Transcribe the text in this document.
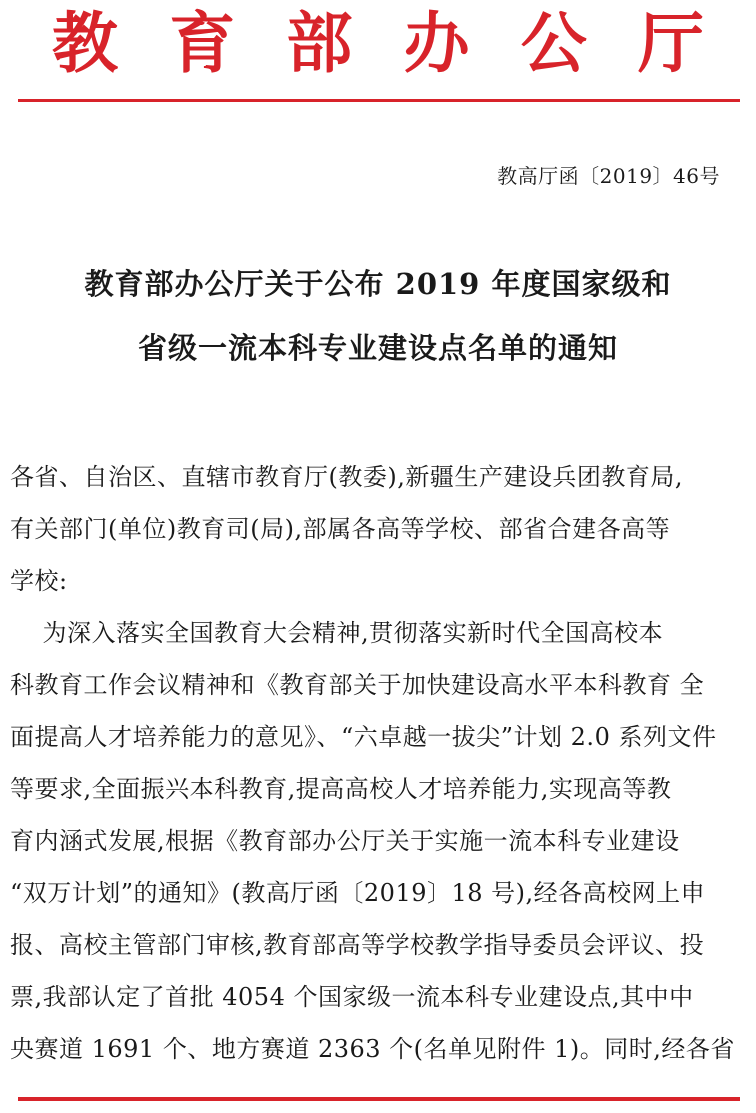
教 育 部 办 公 厅
教高厅函〔2019〕46号
教育部办公厅关于公布 2019 年度国家级和
省级一流本科专业建设点名单的通知
各省、自治区、直辖市教育厅(教委),新疆生产建设兵团教育局,
有关部门(单位)教育司(局),部属各高等学校、部省合建各高等
学校:
为深入落实全国教育大会精神,贯彻落实新时代全国高校本
科教育工作会议精神和《教育部关于加快建设高水平本科教育 全
面提高人才培养能力的意见》、“六卓越一拔尖”计划 2.0 系列文件
等要求,全面振兴本科教育,提高高校人才培养能力,实现高等教
育内涵式发展,根据《教育部办公厅关于实施一流本科专业建设
“双万计划”的通知》(教高厅函〔2019〕18 号),经各高校网上申
报、高校主管部门审核,教育部高等学校教学指导委员会评议、投
票,我部认定了首批 4054 个国家级一流本科专业建设点,其中中
央赛道 1691 个、地方赛道 2363 个(名单见附件 1)。同时,经各省
